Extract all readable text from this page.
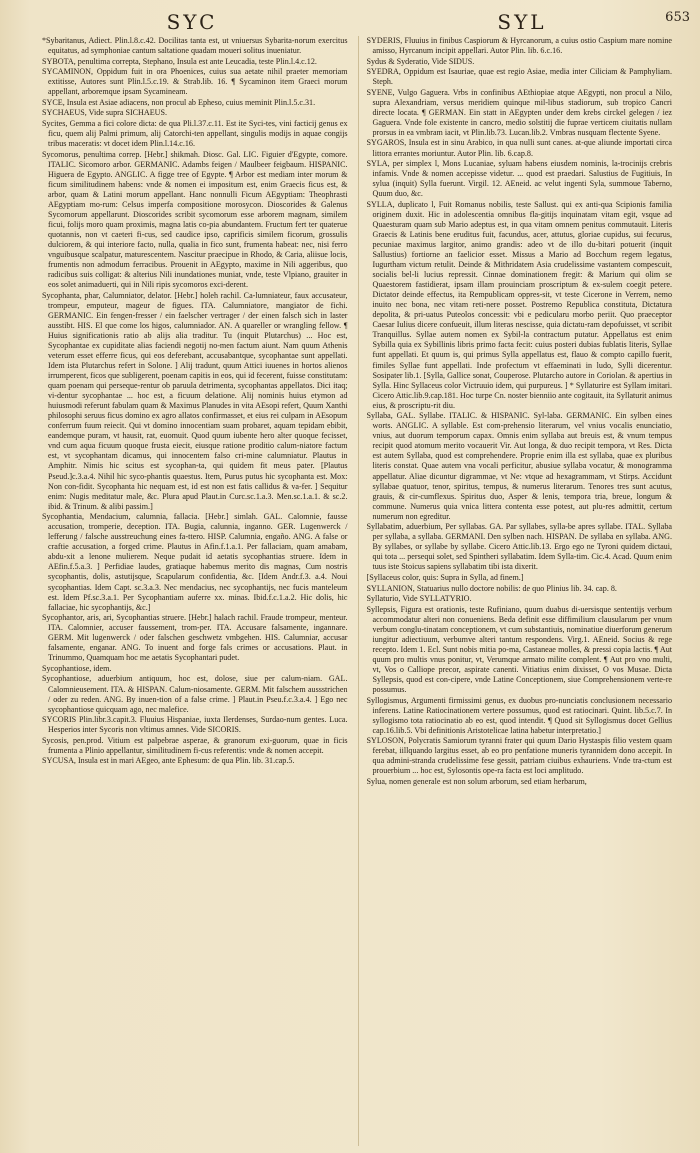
SYC	SYL	653

*Sybaritanus, Adiect. Plin.l.8.c.42. Docilitas tanta est, ut vniuersus Sybarita-norum exercitus equitatus, ad symphoniae cantum saltatione quadam moueri solitus inueniatur.

SYBOTA, penultima correpta, Stephano, Insula est ante Leucadia, teste Plin.l.4.c.12.

SYCAMINON, Oppidum fuit in ora Phoenices, cuius sua aetate nihil praeter memoriam extitisse, Autores sunt Plin.l.5.c.19. & Strab.lib. 16. ¶ Sycaminon item Graeci morum appellant, arboremque ipsam Sycamineam.

SYCE, Insula est Asiae adiacens, non procul ab Epheso, cuius meminit Plin.l.5.c.31.

SYCHAEUS, Vide supra SICHAEUS.

Sycites, Gemma a fici colore dicta: de qua Pli.l.37.c.11. Est ite Syci-tes, vini facticij genus ex ficu, quem alij Palmi primum, alij Catorchi-ten appellant, singulis modijs in aquae congijs tribus maceratis: vt docet idem Plin.l.14.c.16.

Sycomorus, penultima correp. [Hebr.] shikmah. Diosc. Gal. LIC. Figuier d'Egypte, comore. ITALIC. Sicomoro arbor. GERMANIC. Adambs feigen / Maulbeer feigbaum. HISPANIC. Higuera de Egypto. ANGLIC. A figge tree of Egypte. ¶ Arbor est mediam inter morum & ficum similitudinem habens: vnde & nomen ei impositum est, enim Graecis ficus est, & arbor, quam & Latini morum appellant. Hanc nonnulli Ficum AEgyptiam: Theophrasti AEgyptiam mo-rum: Celsus imperfa compositione morosycon. Dioscorides & Galenus Sycomorum appellarunt. Dioscorides scribit sycomorum esse arborem magnam, similem ficui, folijs moro quam proximis, magna latis co-pia abundantem. Fructum fert ter quaterue quotannis, non vt caeteri fi-cus, sed caudice ipso, caprificis similem ficorum, grossulis dulciorem, & qui interiore facto, nulla, qualia in fico sunt, frumenta habeat: nec, nisi ferro vnguibusque scalpatur, maturescentem. Nascitur praecipue in Rhodo, & Caria, aliisue locis, frumentis non admodum ferracibus. Prouenit in AEgypto, maxime in Nili aggeribus, quo radicibus suis colligat: & alterius Nili inundationes muniat, vnde, teste Vlpiano, grauiter in eos solet animaduerti, qui in Nili ripis sycomoros exci-derent.

Sycophanta, phar, Calumniator, delator. [Hebr.] holeh rachil. Ca-lumniateur, faux accusateur, trompeur, emputeur, mageur de figues. ITA. Calumniatore, mangiator de fichi. GERMANIC. Ein fengen-fresser / ein faelscher vertrager / der einen falsch sich in laster ausstibt. HIS. El que come los higos, calumniador. AN. A quareller or wrangling fellow. ¶ Huius significationis ratio ab alijs alia traditur. Tu (inquit Plutarchus) ... Hoc est, Sycophantae ex cupiditate alias faciendi negotij no-men factum aiunt. Nam quum Athenis veterum esset efferre ficus, qui eos deferebant, accusabantque, sycophantae sunt appellati. Idem ista Plutarchus refert in Solone. ] Alij tradunt, quum Attici iuuenes in hortos alienos irrumperent, ficos que subligerent, poenam capitis in eos, qui id fecerent, fuisse constitutam: quam poenam qui perseque-rentur ob paruula detrimenta, sycophantas appellatos. Dici itaq; vi-dentur sycophantae ... hoc est, a ficuum delatione. Alij nominis huius etymon ad huiusmodi referunt fabulam quam & Maximus Planudes in vita AEsopi refert, Quum Xanthi philosophi seruus ficus domino ex agro allatos confirmasset, et eius rei culpam in AEsopum conferrum fuum reiecit. Qui vt domino innocentiam suam probaret, aquam tepidam ebibit, eandemque puram, vt hausit, rat, euomuit. Quod quum iubente hero alter quoque fecisset, vnd cum aqua ficuum quoque frusta eiecit, eiusque ratione proditio calum-niatore factum est, vt sycophantam dicamus, qui innocentem falso cri-mine calumniatur. Plautus in Amphitr. Nimis hic scitus est sycophan-ta, qui quidem fit meus pater. [Plautus Pseud.]c.3.a.4. Nihil hic syco-phantis quaestus. Item, Purus putus hic sycophanta est. Mox: Non con-fidit. Sycophanta hic nequam est, id est non est fatis callidus & va-fer. ] Sequitur enim: Nugis meditatur male, &c. Plura apud Plaut.in Curc.sc.1.a.3. Men.sc.1.a.1. & sc.2. ibid. & Trinum. & alibi passim.]

Sycophantia, Mendacium, calumnia, fallacia. [Hebr.] simlah. GAL. Calomnie, fausse accusation, tromperie, deception. ITA. Bugia, calunnia, inganno. GER. Lugenwerck / lefferung / falsche ausstreuchung eines fa-ttero. HISP. Calumnia, engaño. ANG. A false or craftie accusation, a forged crime. Plautus in Afin.f.1.a.1. Per fallaciam, quam amabam, abdu-xit a lenone mulierem. Neque pudait id aetatis sycophantias struere. Idem in AEfin.f.5.a.3. ] Perfidiae laudes, gratiaque habemus merito dis magnas, Cum nostris sycophantis, dolis, astutijsque, Scapularum confidentia, &c. [Idem Andr.f.3. a.4. Noui sycophantias. Idem Capt. sc.3.a.3. Nec mendacius, nec sycophantijs, nec fucis manteleum est. Idem Pf.sc.3.a.1. Per Sycophantiam auferre xx. minas. Ibid.f.c.1.a.2. Hic dolis, hic fallaciae, hic sycophantijs, &c.]

Sycophantor, aris, ari, Sycophantias struere. [Hebr.] halach rachil. Fraude trompeur, menteur. ITA. Calomnier, accuser faussement, trom-per. ITA. Accusare falsamente, ingannare. GERM. Mit lugenwerck / oder falschen geschwetz vmbgehen. HIS. Calumniar, accusar falsamente, enganar. ANG. To inuent and forge fals crimes or accusations. Plaut. in Trinummo, Quamquam hoc me aetatis Sycophantari pudet.

Sycophantiose, idem.

Sycophantiose, aduerbium antiquum, hoc est, dolose, siue per calum-niam. GAL. Calomnieusement. ITA. & HISPAN. Calum-niosamente. GERM. Mit falschem aussstrichen / oder zu reden. ANG. By inuen-tion of a false crime. ] Plaut.in Pseu.f.c.3.a.4. ] Ego nec sycophantiose quicquam ago, nec malefice.

SYCORIS Plin.libr.3.capit.3. Fluuius Hispaniae, iuxta Ilerdenses, Surdao-num gentes. Luca. Hesperios inter Sycoris non vltimus amnes. Vide SICORIS.

Sycosis, pen.prod. Vitium est palpebrae asperae, & granorum exi-guorum, quae in ficis frumenta a Plinio appellantur, similitudinem fi-cus referentis: vnde & nomen accepit.

SYCUSA, Insula est in mari AEgeo, ante Ephesum: de qua Plin. lib. 31.cap.5.

SYDERIS, Fluuius in finibus Caspiorum & Hyrcanorum, a cuius ostio Caspium mare nomine amisso, Hyrcanum incipit appellari. Autor Plin. lib. 6.c.16.

Sydus & Syderatio, Vide SIDUS.

SYEDRA, Oppidum est Isauriae, quae est regio Asiae, media inter Ciliciam & Pamphyliam. Steph.

SYENE, Vulgo Gaguera. Vrbs in confinibus AEthiopiae atque AEgypti, non procul a Nilo, supra Alexandriam, versus meridiem quinque mil-libus stadiorum, sub tropico Cancri directe locata. ¶ GERMAN. Ein statt in AEgypten under dem krebs circkel gelegen / iez Gaguera. Vnde fole existente in cancro, medio solstitij die fuprae verticem ciuitatis nullam prorsus in ea vmbram iacit, vt Plin.lib.73. Lucan.lib.2. Vmbras nusquam flectente Syene.

SYGAROS, Insula est in sinu Arabico, in qua nulli sunt canes. at-que aliunde importati circa littora errantes moriuntur. Autor Plin. lib. 6.cap.8.

SYLA, per simplex l, Mons Lucaniae, syluam habens eiusdem nominis, la-trocinijs crebris infamis. Vnde & nomen accepisse videtur. ... quod est praedari. Salustius de Fugitiuis, In sylua (inquit) Sylla fuerunt. Virgil. 12. AEneid. ac velut ingenti Syla, summoue Taberno, Quum duo, &c.

SYLLA, duplicato l, Fuit Romanus nobilis, teste Sallust. qui ex anti-qua Scipionis familia originem duxit. Hic in adolescentia omnibus fla-gitijs inquinatam vitam egit, vsque ad Quaesturam quam sub Mario adeptus est, in qua vitam omnem penitus commutauit. Literis Graecis & Latinis bene eruditus fuit, facundus, acer, attutus, gloriae cupidus, sui fecurus, pecuniae maximus largitor, animo grandis: adeo vt de illo du-bitari potuerit (inquit Sallustius) fortiorne an faelicior esset. Missus a Mario ad Bocchum regem legatus, Iugurtham victum retulit. Deinde & Mithridatem Asia crudelissime vastantem compescuit, socialis bel-li lucius repressit. Cinnae dominationem fregit: & Marium qui olim se Quaestorem fastidierat, ipsam illam prouinciam proscriptum & ex-sulem coegit petere. Dictator deinde effectus, ita Rempublicam oppres-sit, vt teste Cicerone in Verrem, nemo inuito nec bona, nec vitam reti-nere posset. Postremo Republica constituta, Dictatura depolita, & pri-uatus Puteolos concessit: vbi e pedicularu morbo periit. Quo praeceptor Caesar Iulius dicere confueuit, illum literas nescisse, quia dictatu-ram depofuisset, vt scribit Tranquillus. Syllae autem nomen ex Sybil-la contractum putatur. Appellatus est enim Sybilla quia ex Sybillinis libris primo facta fecit: cuius posteri dubias fublatis literis, Syllae funt appellati. Et quum is, qui primus Sylla appellatus est, flauo & compto capillo fuerit, fimiles Syllae funt appellati. Inde profectum vt effaeminati in ludo, Sylli dicerentur. Sosipater lib.1. [Sylla, Gallice sonat, Couperose. Plutarcho autore in Coriolan. & apertius in Sylla. Hinc Syllaceus color Victruuio idem, qui purpureus. ] * Syllaturire est Syllam imitari. Cicero Attic.lib.9.cap.181. Hoc turpe Cn. noster bienniio ante cogitauit, ita Syllaturit animus eius, & proscriptu-rit diu.

Syllaba, GAL. Syllabe. ITALIC. & HISPANIC. Syl-laba. GERMANIC. Ein sylben eines worts. ANGLIC. A syllable. Est com-prehensio literarum, vel vnius vocalis enunciatio, vnius, aut duorum temporum capax. Omnis enim syllaba aut breuis est, & vnum tempus recipit quod atomum merito vocauerit Vir. Aut longa, & duo recipit tempora, vt Res. Dicta est autem Syllaba, quod est comprehendere. Proprie enim illa est syllaba, quae ex pluribus literis constat. Quae autem vna vocali perficitur, abusiue syllaba vocatur, & monogramma appellatur. Aliae dicuntur digrammae, vt Ne: vtque ad hexagrammam, vt Stirps. Accidunt syllabae quatuor, tenor, spiritus, tempus, & numerus literarum. Tenores tres sunt acutus, grauis, & cir-cumflexus. Spiritus duo, Asper & lenis, tempora tria, breue, longum & commune. Numerus quia vnica littera contenta esse potest, aut plu-res admittit, certum numerum non egreditur.

Syllabatim, aduerbium, Per syllabas. GA. Par syllabes, sylla-be apres syllabe. ITAL. Syllaba per syllaba, a syllaba. GERMANI. Den sylben nach. HISPAN. De syllaba en syllaba. ANG. By syllabes, or syllabe by syllabe. Cicero Attic.lib.13. Ergo ego ne Tyroni quidem dictaui, qui tota ... persequi solet, sed Spintheri syllabatim. Idem Sylla-tim. Cic.4. Acad. Quum enim tuus iste Stoicus sapiens syllabatim tibi ista dixerit.

[Syllaceus color, quis: Supra in Sylla, ad finem.]

SYLLANION, Statuarius nullo doctore nobilis: de quo Plinius lib. 34. cap. 8.

Syllaturio, Vide SYLLATYRIO.

Syllepsis, Figura est orationis, teste Rufiniano, quum duabus di-uersisque sententijs verbum accommodatur alteri non conueniens. Beda definit esse diffimilium clausularum per vnum verbum conglu-tinatam conceptionem, vt cum substantiuis, nominatiue diuerforum generum iungitur adiectiuum, verbumve alteri tantum respondens. Virg.1. AEneid. Socius & rege recepto. Idem 1. Ecl. Sunt nobis mitia po-ma, Castaneae molles, & pressi copia lactis. ¶ Aut quum pro multis vnus ponitur, vt, Verumque armato milite complent. ¶ Aut pro vno multi, vt, Vos o Calliope precor, aspirate canenti. Vitiatius enim dixisset, O vos Musae. Dicta Syllepsis, quod est con-cipere, vnde Latine Conceptionem, siue Comprehensionem verte-re possumus.

Syllogismus, Argumenti firmissimi genus, ex duobus pro-nunciatis conclusionem necessario inferens. Latine Ratiocinationem vertere possumus, quod est ratiocinari. Quint. lib.5.c.7. In syllogismo tota ratiocinatio ab eo est, quod intendit. ¶ Quod sit Syllogismus docet Gellius cap.16.lib.5. Vbi definitionis Aristotelicae latina habetur interpretatio.]

SYLOSON, Polycratis Samiorum tyranni frater qui quum Dario Hystaspis filio vestem quam ferebat, iillquando largitus esset, ab eo pro penfatione muneris tyrannidem dono accepit. In qua admini-stranda crudelissime fese gessit, patriam ciuibus exhauriens. Vnde tra-ctum est prouerbium ... hoc est, Sylosontis ope-ra facta est loci amplitudo.

Sylua, nomen generale est non solum arborum, sed etiam herbarum,
